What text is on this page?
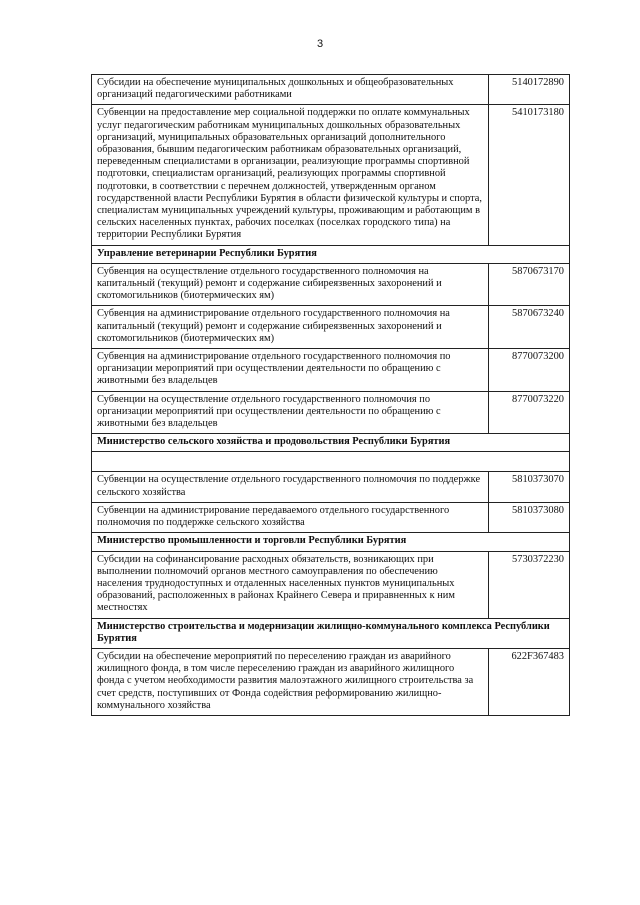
3
Субсидии на обеспечение муниципальных дошкольных и общеобразовательных организаций педагогическими работниками	5140172890
Субвенции на предоставление мер социальной поддержки по оплате коммунальных услуг педагогическим работникам муниципальных дошкольных образовательных организаций, муниципальных образовательных организаций дополнительного образования, бывшим педагогическим работникам образовательных организаций, переведенным специалистами в организации, реализующие программы спортивной подготовки, специалистам организаций, реализующих программы спортивной подготовки, в соответствии с перечнем должностей, утвержденным органом государственной власти Республики Бурятия в области физической культуры и спорта, специалистам муниципальных учреждений культуры, проживающим и работающим в сельских населенных пунктах, рабочих поселках (поселках городского типа) на территории Республики Бурятия	5410173180
Управление ветеринарии Республики Бурятия	
Субвенция на осуществление отдельного государственного полномочия на капитальный (текущий) ремонт и содержание сибиреязвенных захоронений и скотомогильников (биотермических ям)	5870673170
Субвенция на администрирование отдельного государственного полномочия на капитальный (текущий) ремонт и содержание сибиреязвенных захоронений и скотомогильников (биотермических ям)	5870673240
Субвенция на администрирование отдельного государственного полномочия по организации мероприятий при осуществлении деятельности по обращению с животными без владельцев	8770073200
Субвенции на осуществление отдельного государственного полномочия по организации мероприятий при осуществлении деятельности по обращению с животными без владельцев	8770073220
Министерство сельского хозяйства и продовольствия Республики Бурятия	

Субвенции на осуществление отдельного государственного полномочия по поддержке сельского хозяйства	5810373070
Субвенции на администрирование передаваемого отдельного государственного полномочия по поддержке сельского хозяйства	5810373080
Министерство промышленности и торговли Республики Бурятия	
Субсидии на софинансирование расходных обязательств, возникающих при выполнении полномочий органов местного самоуправления по обеспечению населения труднодоступных и отдаленных населенных пунктов муниципальных образований, расположенных в районах Крайнего Севера и приравненных к ним местностях	5730372230
Министерство строительства и модернизации жилищно-коммунального комплекса Республики Бурятия	
Субсидии на обеспечение мероприятий по переселению граждан из аварийного жилищного фонда, в том числе переселению граждан из аварийного жилищного фонда с учетом необходимости развития малоэтажного жилищного строительства за счет средств, поступивших от Фонда содействия реформированию жилищно-коммунального хозяйства	622F367483
